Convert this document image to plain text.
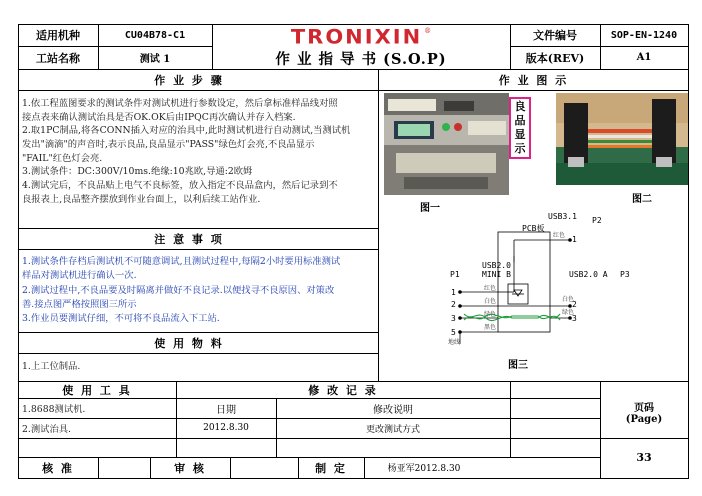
适用机种	CU04B78-C1
工站名称	测试 1
TRONIXIN ®
作 业 指 导 书 (S.O.P)
文件编号	SOP-EN-1240
版本(REV)	A1
作 业 步 骤
1.依工程蓝图要求的测试条件对测试机进行参数设定，然后拿标准样品线对照
接点表来确认测试治具是否OK.OK后由IPQC再次确认并存入档案.
2.取1PC制品,将各CONN插入对应的治具中,此时测试机进行自动测试,当测试机
发出"滴滴"的声音时,表示良品,良品显示"PASS"绿色灯会亮,不良品显示
"FAIL"红色灯会亮.
3.测试条件：DC:300V/10ms.绝缘:10兆欧,导通:2欧姆
4.测试完后，不良品贴上电气不良标签，放入指定不良品盒内，然后记录到不
良报表上,良品整齐摆放到作业台面上，以利后续工站作业.
注 意 事 项
1.测试条件存档后测试机不可随意调试,且测试过程中,每隔2小时要用标准测试
样品对测试机进行确认一次.
2.测试过程中,不良品要及时隔离并做好不良记录.以便找寻不良原因、对策改
善.接点图严格按照图三所示
3.作业员要测试仔细，不可将不良品流入下工站.
使 用 物 料
1.上工位制品.
作 业 图 示
良
品
显
示
图一
图二
USB3.1 P2
PCB板
USB2.0
MINI B	USB2.0 A
P1	P3
红色 1
1
2
3
5
红色
白色
绿色
黑色
地线
白色
绿色
2
3
图三
使 用 工 具
1.8688测试机.
2.测试治具.
修 改 记 录
日期	修改说明
2012.8.30	更改测试方式
页码
(Page)
33
核 准	审 核	制 定	杨亚军2012.8.30
